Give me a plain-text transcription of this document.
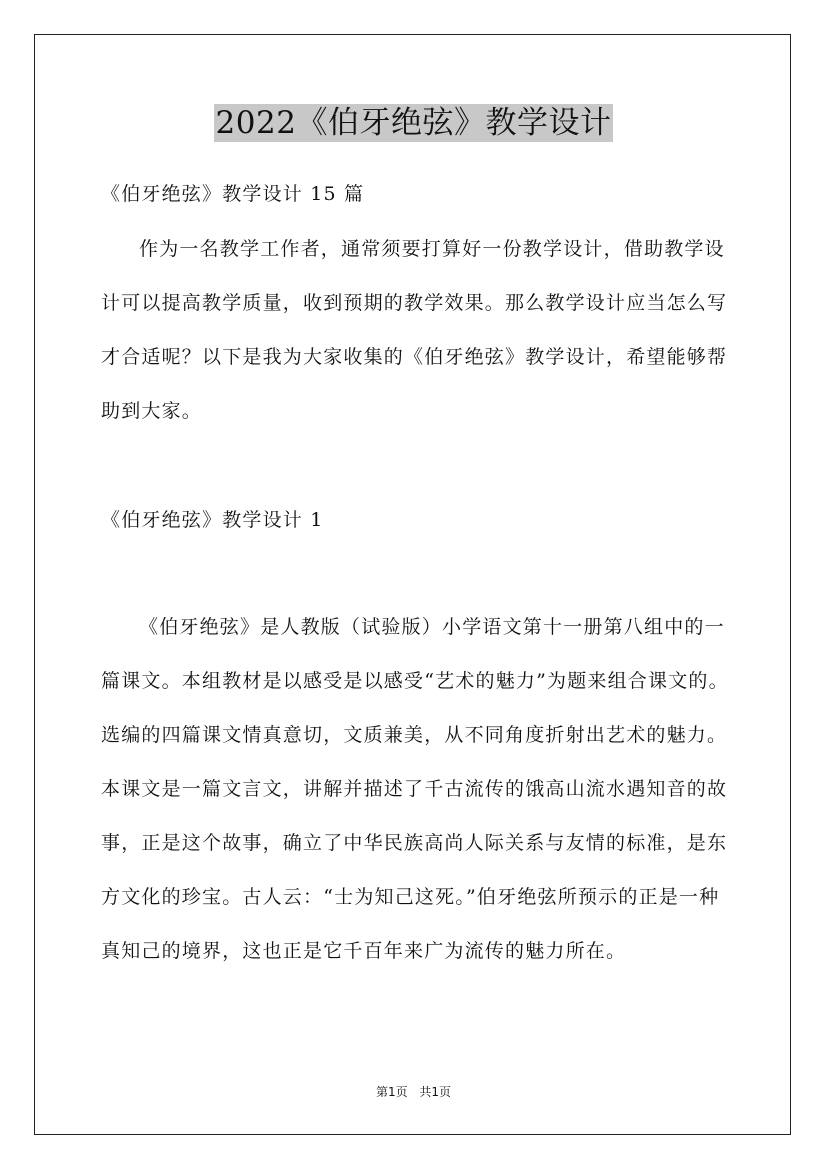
2022《伯牙绝弦》教学设计
《伯牙绝弦》教学设计 15 篇
作为一名教学工作者，通常须要打算好一份教学设计，借助教学设计可以提高教学质量，收到预期的教学效果。那么教学设计应当怎么写才合适呢？以下是我为大家收集的《伯牙绝弦》教学设计，希望能够帮助到大家。
《伯牙绝弦》教学设计 1
《伯牙绝弦》是人教版（试验版）小学语文第十一册第八组中的一篇课文。本组教材是以感受是以感受“艺术的魅力”为题来组合课文的。选编的四篇课文情真意切，文质兼美，从不同角度折射出艺术的魅力。本课文是一篇文言文，讲解并描述了千古流传的饿高山流水遇知音的故事，正是这个故事，确立了中华民族高尚人际关系与友情的标准，是东方文化的珍宝。古人云：“士为知己这死。”伯牙绝弦所预示的正是一种真知己的境界，这也正是它千百年来广为流传的魅力所在。
第1页 共1页
